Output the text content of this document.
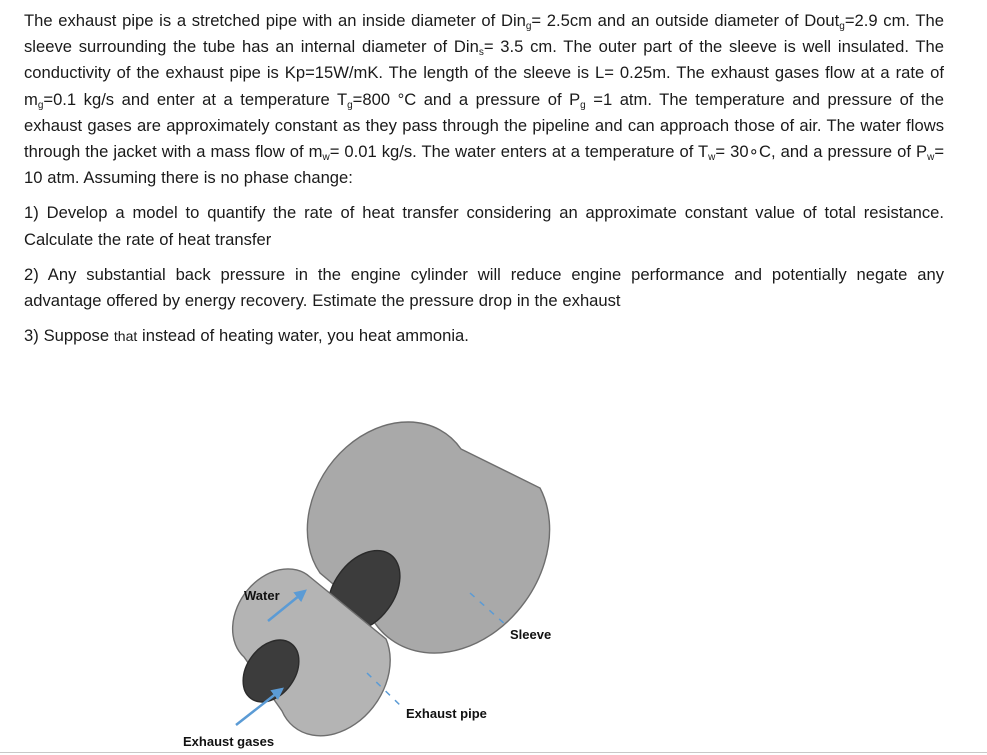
The exhaust pipe is a stretched pipe with an inside diameter of Din$_g$= 2.5cm and an outside diameter of Dout$_g$=2.9 cm. The sleeve surrounding the tube has an internal diameter of Din$_s$= 3.5 cm. The outer part of the sleeve is well insulated. The conductivity of the exhaust pipe is Kp=15W/mK. The length of the sleeve is L= 0.25m. The exhaust gases flow at a rate of $m_g=0.1$ kg/s and enter at a temperature $T_g=800$ °C and a pressure of $P_g =1$ atm. The temperature and pressure of the exhaust gases are approximately constant as they pass through the pipeline and can approach those of air. The water flows through the jacket with a mass flow of $m_w= 0.01$ kg/s. The water enters at a temperature of $T_w=$ 30∘C, and a pressure of $P_w= 10$ atm. Assuming there is no phase change:

1) Develop a model to quantify the rate of heat transfer considering an approximate constant value of total resistance. Calculate the rate of heat transfer

2) Any substantial back pressure in the engine cylinder will reduce engine performance and potentially negate any advantage offered by energy recovery. Estimate the pressure drop in the exhaust

3) Suppose that instead of heating water, you heat ammonia.

Water
Sleeve
Exhaust pipe
Exhaust gases
